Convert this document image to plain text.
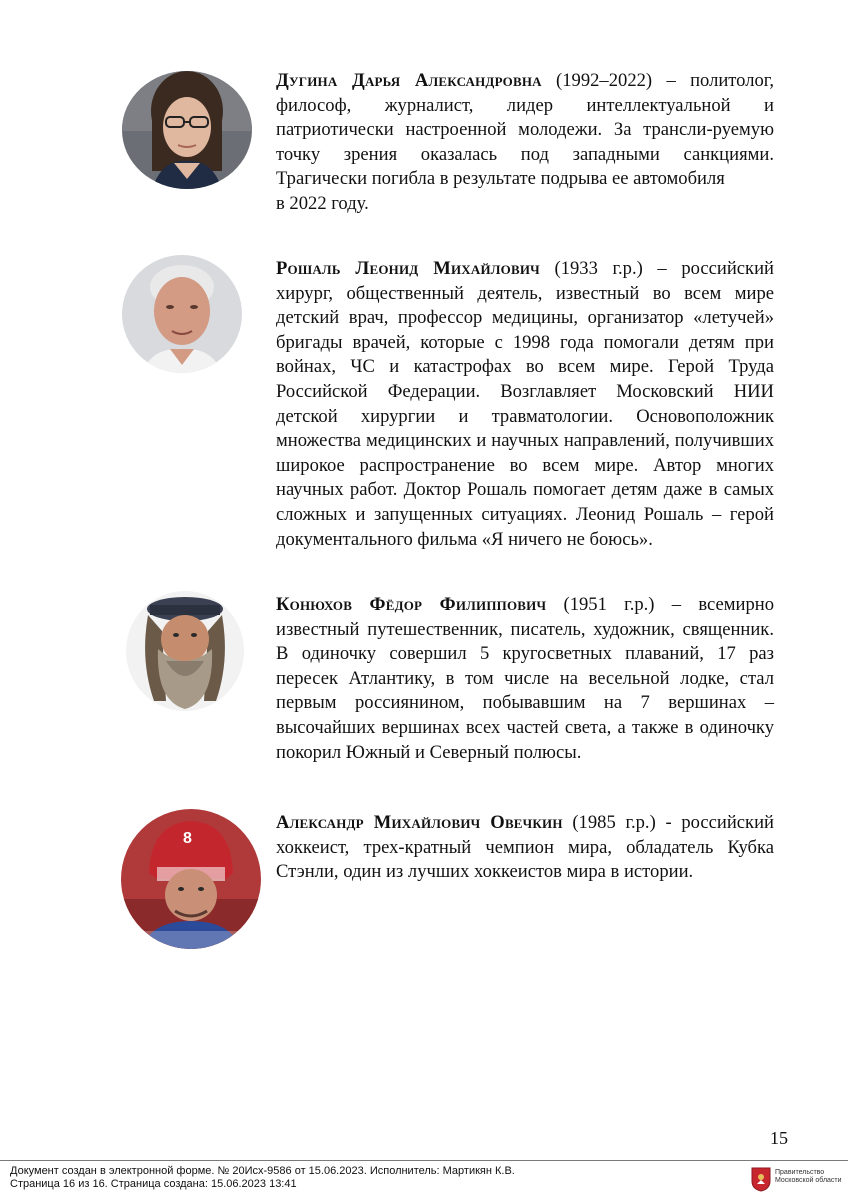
Дугина Дарья Александровна (1992–2022) – политолог, философ, журналист, лидер интеллектуальной и патриотически настроенной молодежи. За трансли-руемую точку зрения оказалась под западными санкциями. Трагически погибла в результате подрыва ее автомобиля
в 2022 году.
Рошаль Леонид Михайлович (1933 г.р.) – российский хирург, общественный деятель, известный во всем мире детский врач, профессор медицины, организатор «летучей» бригады врачей, которые с 1998 года помогали детям при войнах, ЧС и катастрофах во всем мире. Герой Труда Российской Федерации. Возглавляет Московский НИИ детской хирургии и травматологии. Основоположник множества медицинских и научных направлений, получивших широкое распространение во всем мире. Автор многих научных работ. Доктор Рошаль помогает детям даже в самых сложных и запущенных ситуациях. Леонид Рошаль – герой документального фильма «Я ничего не боюсь».
Конюхов Фёдор Филиппович (1951 г.р.) – всемирно известный путешественник, писатель, художник, священник. В одиночку совершил 5 кругосветных плаваний, 17 раз пересек Атлантику, в том числе на весельной лодке, стал первым россиянином, побывавшим на 7 вершинах – высочайших вершинах всех частей света, а также в одиночку покорил Южный и Северный полюсы.
8
Александр Михайлович Овечкин (1985 г.р.) - российский хоккеист, трех-кратный чемпион мира, обладатель Кубка Стэнли, один из лучших хоккеистов мира в истории.
15
Документ создан в электронной форме. № 20Исх-9586 от 15.06.2023. Исполнитель: Мартикян К.В.
Страница 16 из 16. Страница создана: 15.06.2023 13:41
Правительство
Московской области
